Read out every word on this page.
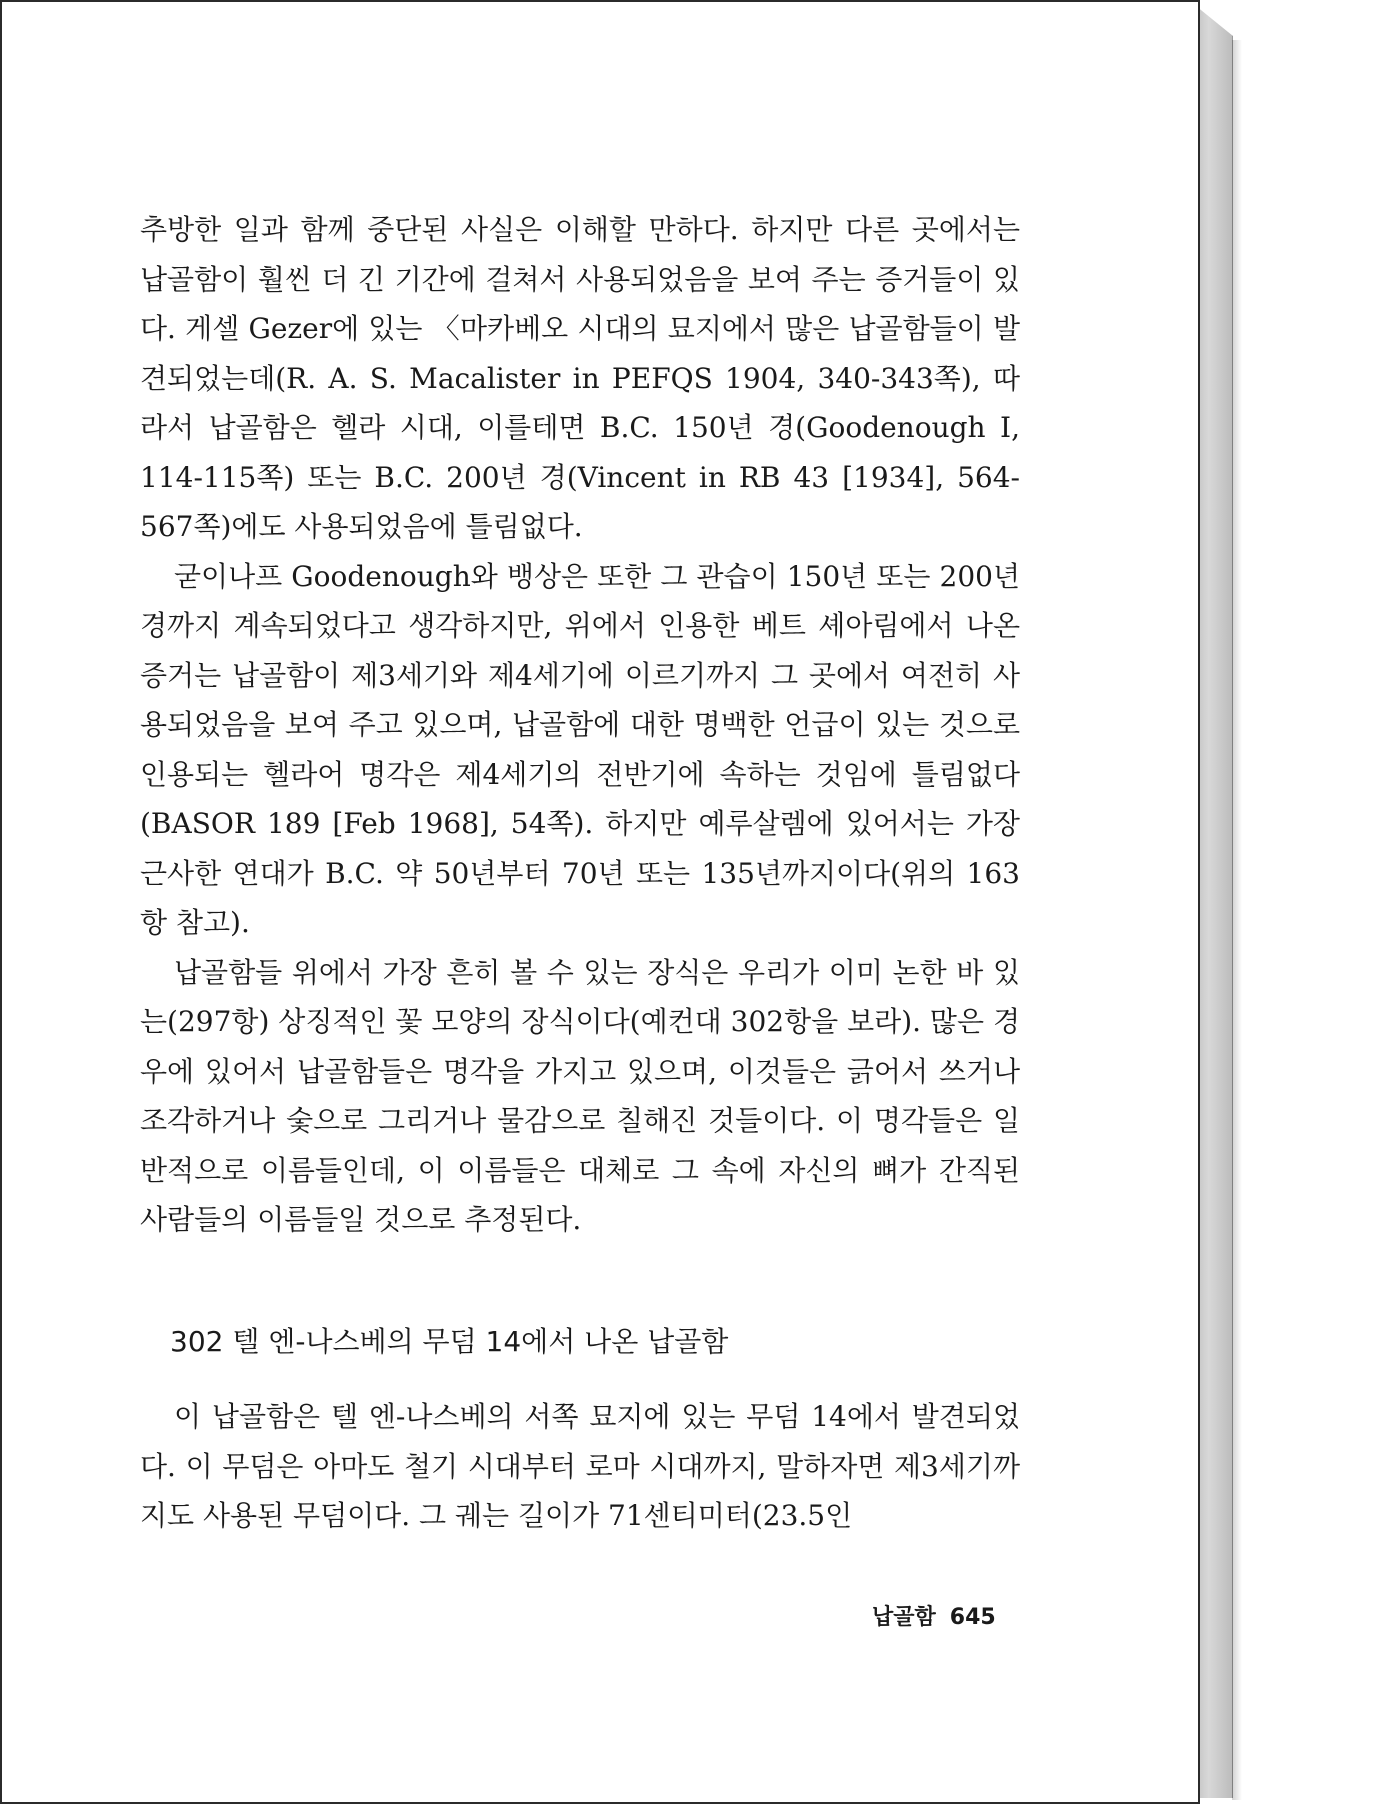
추방한 일과 함께 중단된 사실은 이해할 만하다. 하지만 다른 곳에서는 납골함이 훨씬 더 긴 기간에 걸쳐서 사용되었음을 보여 주는 증거들이 있다. 게셀 Gezer에 있는 〈마카베오 시대의 묘지에서 많은 납골함들이 발견되었는데(R. A. S. Macalister in PEFQS 1904, 340-343쪽), 따라서 납골함은 헬라 시대, 이를테면 B.C. 150년 경(Goodenough I, 114-115쪽) 또는 B.C. 200년 경(Vincent in RB 43 [1934], 564-567쪽)에도 사용되었음에 틀림없다.

굳이나프 Goodenough와 뱅상은 또한 그 관습이 150년 또는 200년 경까지 계속되었다고 생각하지만, 위에서 인용한 베트 셰아림에서 나온 증거는 납골함이 제3세기와 제4세기에 이르기까지 그 곳에서 여전히 사용되었음을 보여 주고 있으며, 납골함에 대한 명백한 언급이 있는 것으로 인용되는 헬라어 명각은 제4세기의 전반기에 속하는 것임에 틀림없다(BASOR 189 [Feb 1968], 54쪽). 하지만 예루살렘에 있어서는 가장 근사한 연대가 B.C. 약 50년부터 70년 또는 135년까지이다(위의 163항 참고).

납골함들 위에서 가장 흔히 볼 수 있는 장식은 우리가 이미 논한 바 있는(297항) 상징적인 꽃 모양의 장식이다(예컨대 302항을 보라). 많은 경우에 있어서 납골함들은 명각을 가지고 있으며, 이것들은 긁어서 쓰거나 조각하거나 숯으로 그리거나 물감으로 칠해진 것들이다. 이 명각들은 일반적으로 이름들인데, 이 이름들은 대체로 그 속에 자신의 뼈가 간직된 사람들의 이름들일 것으로 추정된다.

302 텔 엔-나스베의 무덤 14에서 나온 납골함

이 납골함은 텔 엔-나스베의 서쪽 묘지에 있는 무덤 14에서 발견되었다. 이 무덤은 아마도 철기 시대부터 로마 시대까지, 말하자면 제3세기까지도 사용된 무덤이다. 그 궤는 길이가 71센티미터(23.5인

납골함 645
